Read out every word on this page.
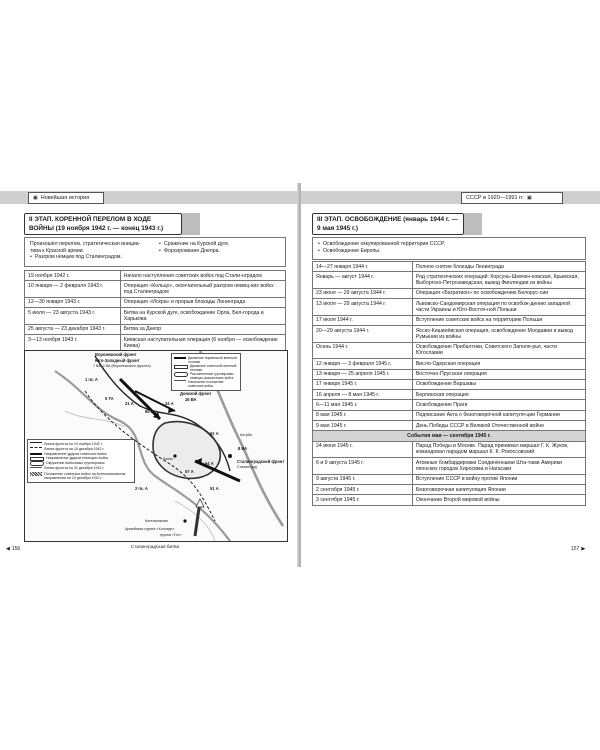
▣ Новейшая история
II ЭТАП. КОРЕННОЙ ПЕРЕЛОМ В ХОДЕ ВОЙНЫ (19 ноября 1942 г. — конец 1943 г.)
Произошёл перелом, стратегическая инициа-тива к Красной армии.
• Разгром немцев под Сталинградом.
• Сражение на Курской дуге.
• Форсирование Днепра.
19 ноября 1942 г.	Начало наступления советских войск под Стали-нградом
10 января — 2 февраля 1943 г.	Операция «Кольцо», окончательный разгром немец-ких войск под Сталинградом
12—30 января 1943 г.	Операция «Искра» и прорыв блокады Ленинграда
5 июля — 23 августа 1943 г.	Битва на Курской дуге, освобождение Орла, Бел-города и Харькова
25 августа — 23 декабря 1943 г.	Битва за Днепр
3—13 ноября 1943 г.	Киевская наступательная операция (6 ноября — освобождение Киева)
Воронежский фронт
Юго-Западный фронт
7 ВА, 2 ВА (Воронежского фронта)
Донской фронт
16 ВА
65 А
21 А
5 ТА
24 А
1 гв. А
2 гв. А
62 А
64 А
57 А
51 А
8 ВА
Ахтуба
Сталинградский фронт
Сталинград
Калач
Котельниково
Армейская группа «Холлидт»
группа «Гот»
Линия фронта на 19 ноября 1942 г.
Линия фронта на 18 декабря 1942 г.
Направление ударов советских войск
Направление ударов немецких войск
Окружение войсковых группировок
Линия фронта на 31 декабря 1942 г.
Положение советских войск на Котельниковском направлении на 24 декабря 1942 г.
Движение германской военной техники
Движение советской военной техники
Расчлененные группировки немецко-фашистских войск
Начальное положение советских войск
Сталинградская битва
◀ 156
СССР в 1920—1991 гг. ▣
III ЭТАП. ОСВОБОЖДЕНИЕ (январь 1944 г. — 9 мая 1945 г.)
• Освобождение оккупированной территории СССР.
• Освобождение Европы.
14—27 января 1944 г.	Полное снятие блокады Ленинграда
Январь — август 1944 г.	Ряд стратегических операций: Корсунь-Шевчен-ковская, Крымская, Выборгско-Петрозаводская, вывод Финляндии из войны
23 июня — 29 августа 1944 г.	Операция «Багратион» по освобождению Белорус-сии
13 июля — 29 августа 1944 г.	Львовско-Сандомирская операция по освобож-дению западной части Украины и Юго-Восточ-ной Польши
17 июля 1944 г.	Вступление советских войск на территорию Польши
20—29 августа 1944 г.	Ясско-Кишинёвская операция, освобождение Молдавии и вывод Румынии из войны
Осень 1944 г.	Освобождение Прибалтики, Советского Заполя-рья, части Югославии
12 января — 3 февраля 1945 г.	Висло-Одерская операция
13 января — 25 апреля 1945 г.	Восточно-Прусская операция
17 января 1945 г.	Освобождение Варшавы
16 апреля — 8 мая 1945 г.	Берлинская операция
6—11 мая 1945 г.	Освобождение Праги
8 мая 1945 г.	Подписание Акта о безоговорочной капитуля-ции Германии
9 мая 1945 г.	День Победы СССР в Великой Отечественной войне
События мая — сентября 1945 г.	
24 июня 1945 г.	Парад Победы в Москве. Парад принимал маршал Г. К. Жуков, командовал парадом маршал К. К. Рокоссовский
6 и 9 августа 1945 г.	Атомные бомбардировки Соединёнными Шта-тами Америки японских городов Хиросима и Нагасаки
9 августа 1945 г.	Вступление СССР в войну против Японии
2 сентября 1945 г.	Безоговорочная капитуляция Японии
3 сентября 1945 г.	Окончание Второй мировой войны
157 ▶
